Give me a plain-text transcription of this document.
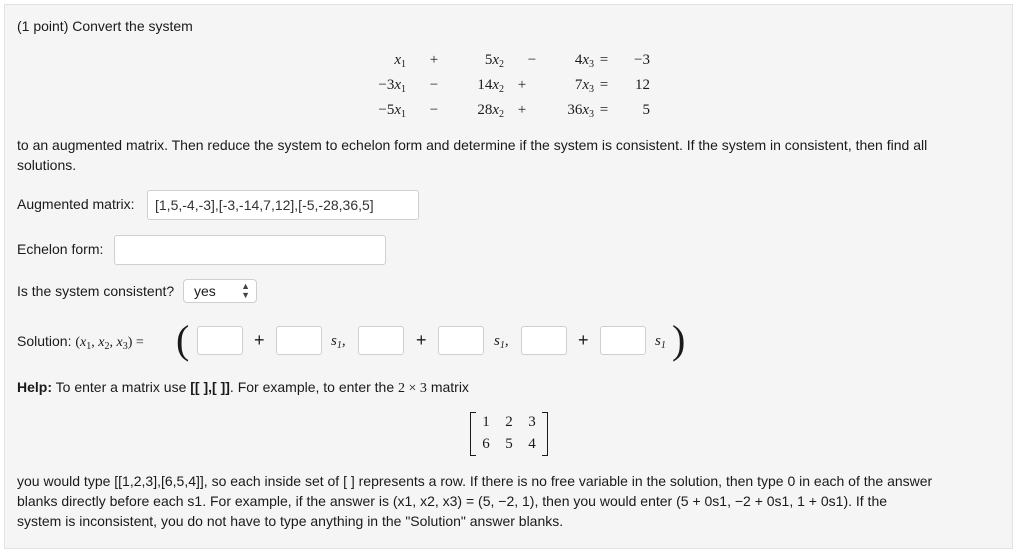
(1 point) Convert the system
$x_1$ +	$5x_2$ −	$4x_3$ =	−3
$-3x_1$ −	$14x_2$ +	$7x_3$ =	12
$-5x_1$ −	$28x_2$ +	$36x_3$ =	5
to an augmented matrix. Then reduce the system to echelon form and determine if the system is consistent. If the system in consistent, then find all
solutions.
Augmented matrix:	[1,5,-4,-3],[-3,-14,7,12],[-5,-28,36,5]
Echelon form:
Is the system consistent?	yes	▲
▼
Solution: ($x_1$, $x_2$, $x_3$) = (	+	$s_1$,	+	$s_1$,	+	$s_1$ )
Help: To enter a matrix use [[ ],[ ]]. For example, to enter the 2 × 3 matrix
1	2	3
6	5	4
you would type [[1,2,3],[6,5,4]], so each inside set of [ ] represents a row. If there is no free variable in the solution, then type 0 in each of the answer
blanks directly before each s1. For example, if the answer is (x1, x2, x3) = (5, −2, 1), then you would enter (5 + 0s1, −2 + 0s1, 1 + 0s1). If the
system is inconsistent, you do not have to type anything in the "Solution" answer blanks.
